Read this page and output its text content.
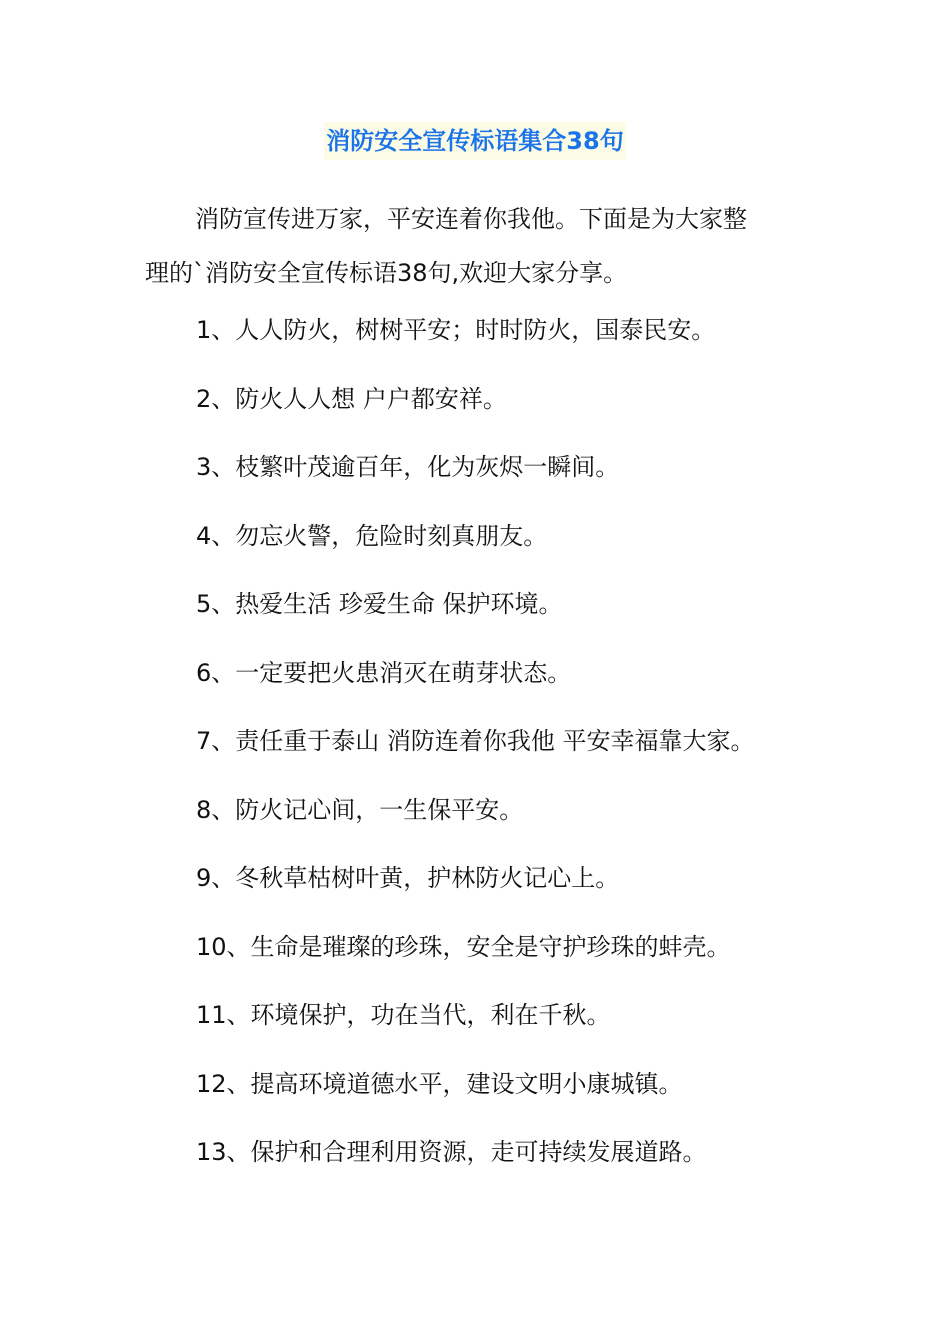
消防安全宣传标语集合38句

消防宣传进万家，平安连着你我他。下面是为大家整

理的`消防安全宣传标语38句,欢迎大家分享。

1、人人防火，树树平安；时时防火，国泰民安。
2、防火人人想 户户都安祥。
3、枝繁叶茂逾百年，化为灰烬一瞬间。
4、勿忘火警，危险时刻真朋友。
5、热爱生活 珍爱生命 保护环境。
6、一定要把火患消灭在萌芽状态。
7、责任重于泰山 消防连着你我他 平安幸福靠大家。
8、防火记心间，一生保平安。
9、冬秋草枯树叶黄，护林防火记心上。
10、生命是璀璨的珍珠，安全是守护珍珠的蚌壳。
11、环境保护，功在当代，利在千秋。
12、提高环境道德水平，建设文明小康城镇。
13、保护和合理利用资源，走可持续发展道路。
